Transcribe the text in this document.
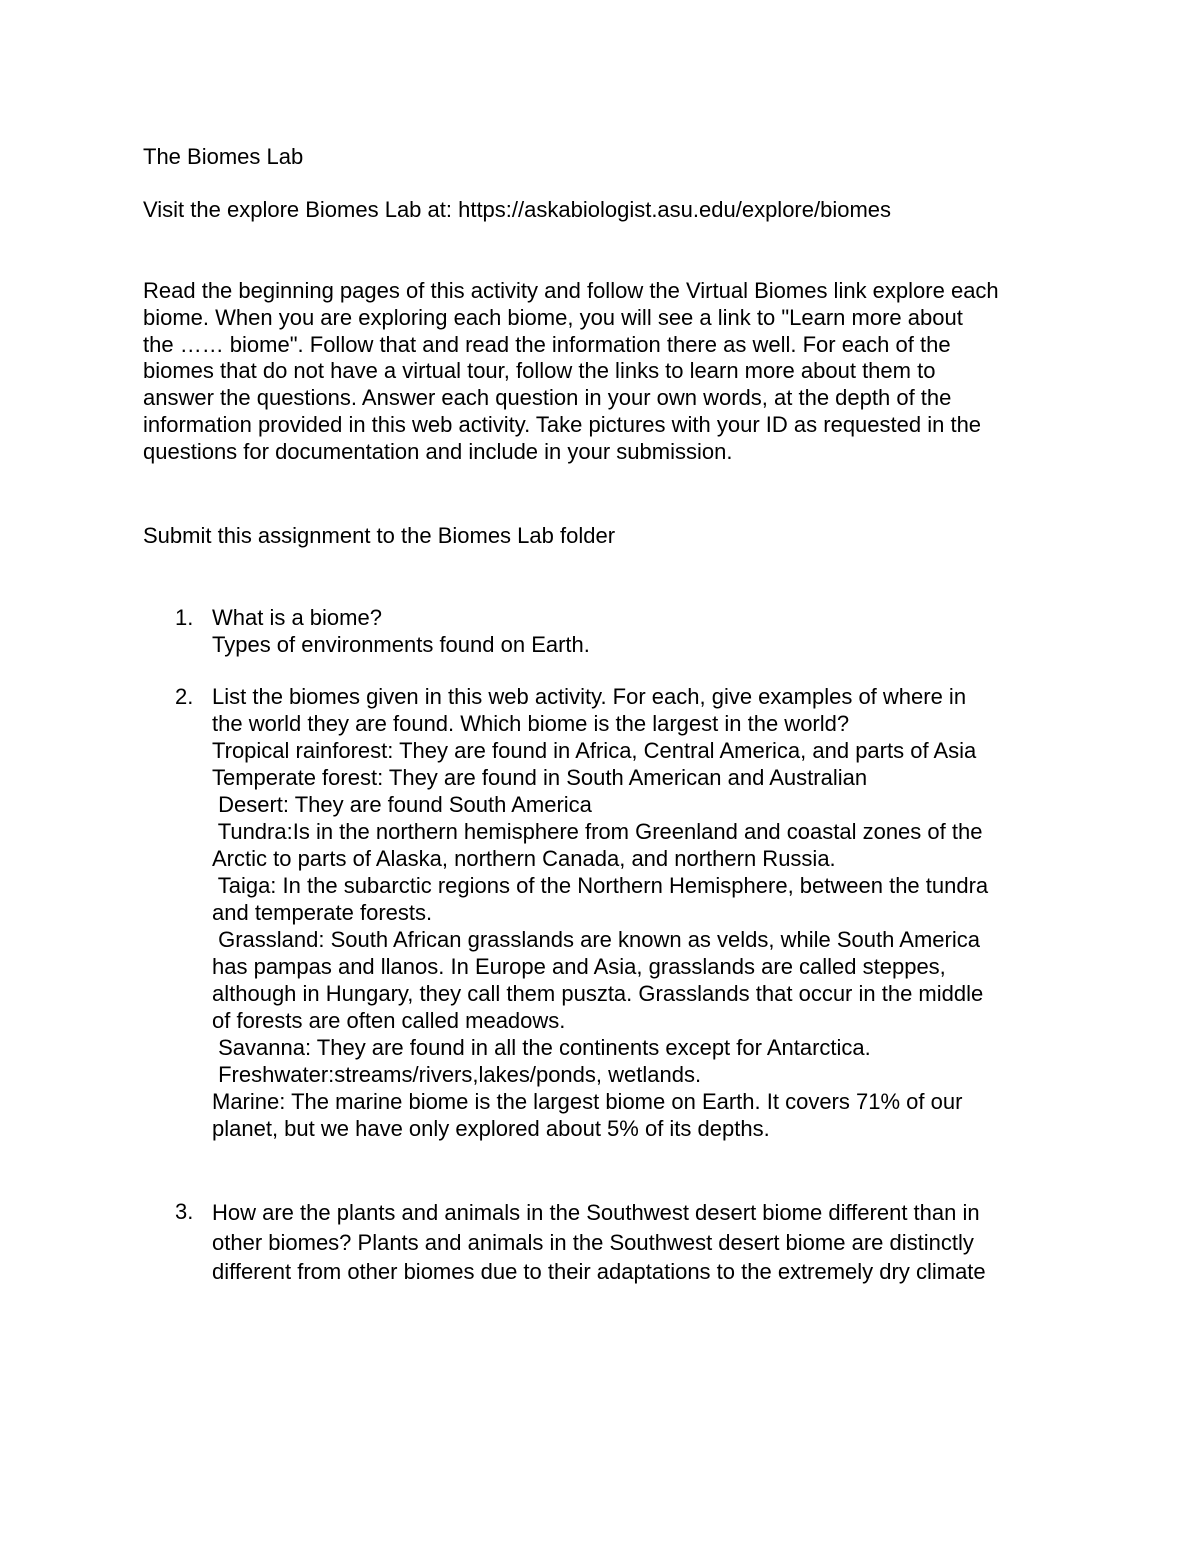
The Biomes Lab
Visit the explore Biomes Lab at: https://askabiologist.asu.edu/explore/biomes
Read the beginning pages of this activity and follow the Virtual Biomes link explore each
biome. When you are exploring each biome, you will see a link to "Learn more about
the …… biome". Follow that and read the information there as well. For each of the
biomes that do not have a virtual tour, follow the links to learn more about them to
answer the questions. Answer each question in your own words, at the depth of the
information provided in this web activity. Take pictures with your ID as requested in the
questions for documentation and include in your submission.
Submit this assignment to the Biomes Lab folder
1. What is a biome?
Types of environments found on Earth.
2. List the biomes given in this web activity. For each, give examples of where in
the world they are found. Which biome is the largest in the world?
Tropical rainforest: They are found in Africa, Central America, and parts of Asia
Temperate forest: They are found in South American and Australian
Desert: They are found South America
Tundra:Is in the northern hemisphere from Greenland and coastal zones of the
Arctic to parts of Alaska, northern Canada, and northern Russia.
Taiga: In the subarctic regions of the Northern Hemisphere, between the tundra
and temperate forests.
Grassland: South African grasslands are known as velds, while South America
has pampas and llanos. In Europe and Asia, grasslands are called steppes,
although in Hungary, they call them puszta. Grasslands that occur in the middle
of forests are often called meadows.
Savanna: They are found in all the continents except for Antarctica.
Freshwater:streams/rivers,lakes/ponds, wetlands.
Marine: The marine biome is the largest biome on Earth. It covers 71% of our
planet, but we have only explored about 5% of its depths.
3. How are the plants and animals in the Southwest desert biome different than in
other biomes? Plants and animals in the Southwest desert biome are distinctly
different from other biomes due to their adaptations to the extremely dry climate
